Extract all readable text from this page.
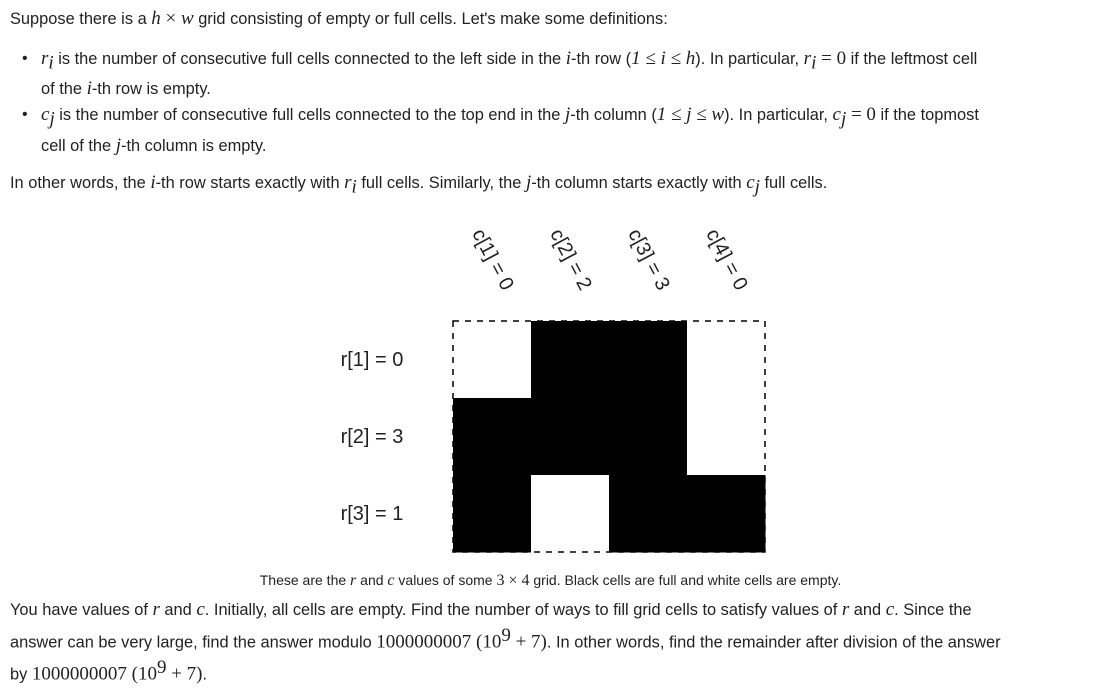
Suppose there is a h × w grid consisting of empty or full cells. Let's make some definitions:

• $r_i$ is the number of consecutive full cells connected to the left side in the i-th row (1 ≤ i ≤ h). In particular, $r_i = 0$ if the leftmost cell
of the i-th row is empty.
• $c_j$ is the number of consecutive full cells connected to the top end in the j-th column (1 ≤ j ≤ w). In particular, $c_j = 0$ if the topmost
cell of the j-th column is empty.

In other words, the i-th row starts exactly with $r_i$ full cells. Similarly, the j-th column starts exactly with $c_j$ full cells.

c[1] = 0 c[2] = 2 c[3] = 3 c[4] = 0
r[1] = 0
r[2] = 3
r[3] = 1
These are the r and c values of some 3 × 4 grid. Black cells are full and white cells are empty.
You have values of r and c. Initially, all cells are empty. Find the number of ways to fill grid cells to satisfy values of r and c. Since the
answer can be very large, find the answer modulo 1000000007 $(10^9 + 7)$. In other words, find the remainder after division of the answer
by 1000000007 $(10^9 + 7)$.
